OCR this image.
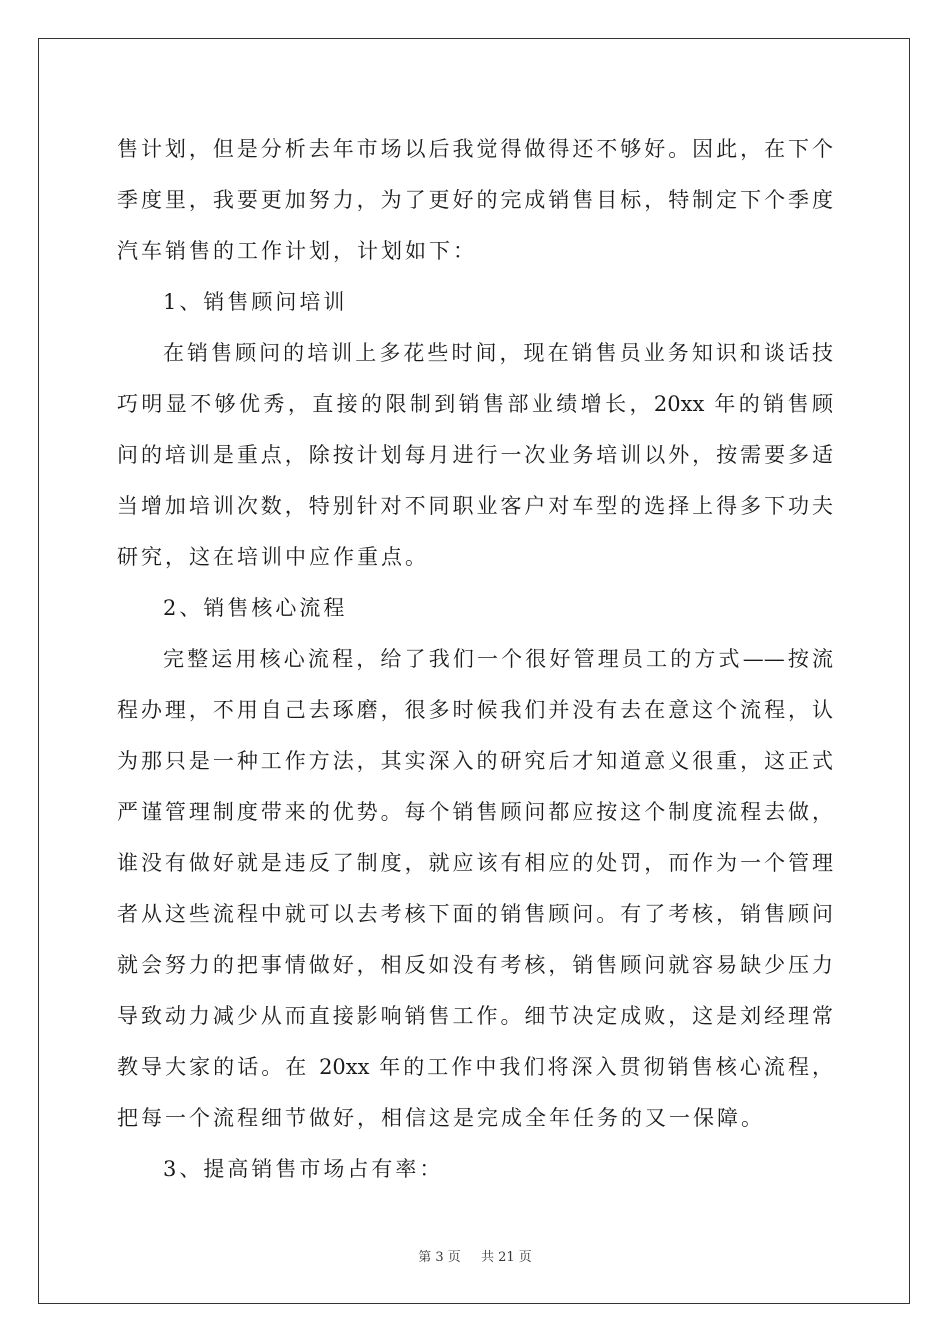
售计划，但是分析去年市场以后我觉得做得还不够好。因此，在下个
季度里，我要更加努力，为了更好的完成销售目标，特制定下个季度
汽车销售的工作计划，计划如下：
1、销售顾问培训
在销售顾问的培训上多花些时间，现在销售员业务知识和谈话技
巧明显不够优秀，直接的限制到销售部业绩增长，20xx 年的销售顾
问的培训是重点，除按计划每月进行一次业务培训以外，按需要多适
当增加培训次数，特别针对不同职业客户对车型的选择上得多下功夫
研究，这在培训中应作重点。
2、销售核心流程
完整运用核心流程，给了我们一个很好管理员工的方式——按流
程办理，不用自己去琢磨，很多时候我们并没有去在意这个流程，认
为那只是一种工作方法，其实深入的研究后才知道意义很重，这正式
严谨管理制度带来的优势。每个销售顾问都应按这个制度流程去做，
谁没有做好就是违反了制度，就应该有相应的处罚，而作为一个管理
者从这些流程中就可以去考核下面的销售顾问。有了考核，销售顾问
就会努力的把事情做好，相反如没有考核，销售顾问就容易缺少压力
导致动力减少从而直接影响销售工作。细节决定成败，这是刘经理常
教导大家的话。在 20xx 年的工作中我们将深入贯彻销售核心流程，
把每一个流程细节做好，相信这是完成全年任务的又一保障。
3、提高销售市场占有率：
第 3 页 共 21 页
